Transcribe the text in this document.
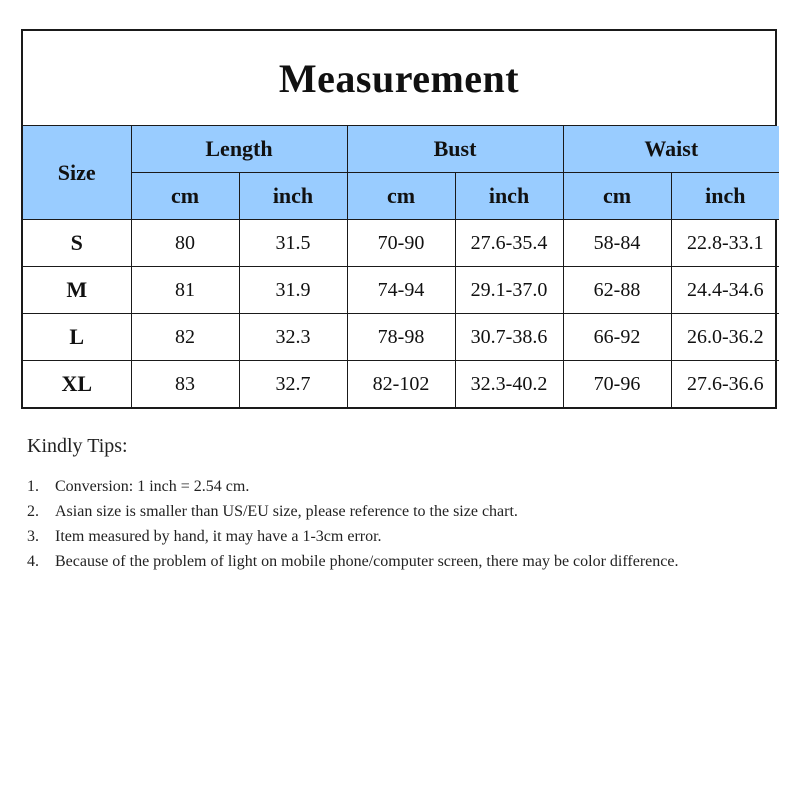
Measurement
Size	Length		Bust		Waist	
	cm	inch	cm	inch	cm	inch
S	80	31.5	70-90	27.6-35.4	58-84	22.8-33.1
M	81	31.9	74-94	29.1-37.0	62-88	24.4-34.6
L	82	32.3	78-98	30.7-38.6	66-92	26.0-36.2
XL	83	32.7	82-102	32.3-40.2	70-96	27.6-36.6
Kindly Tips:
1.	Conversion: 1 inch = 2.54 cm.
2.	Asian size is smaller than US/EU size, please reference to the size chart.
3.	Item measured by hand, it may have a 1-3cm error.
4.	Because of the problem of light on mobile phone/computer screen, there may be color difference.
